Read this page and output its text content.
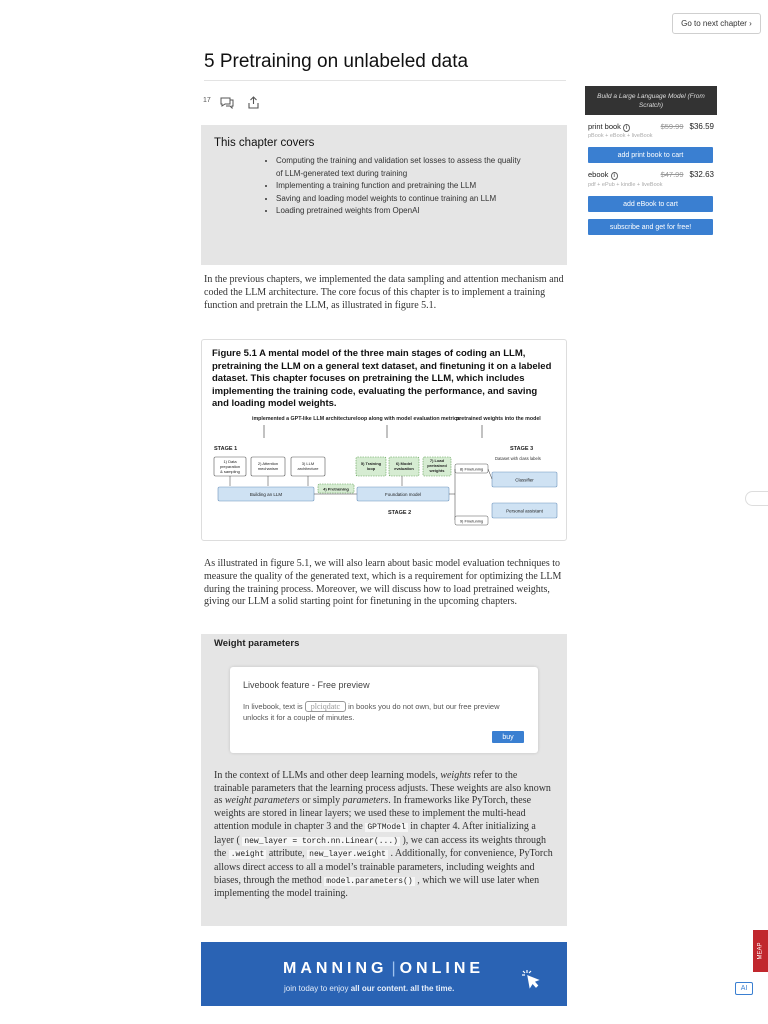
Go to next chapter ›
5 Pretraining on unlabeled data
17
This chapter covers
• Computing the training and validation set losses to assess the quality of LLM-generated text during training
• Implementing a training function and pretraining the LLM
• Saving and loading model weights to continue training an LLM
• Loading pretrained weights from OpenAI

In the previous chapters, we implemented the data sampling and attention mechanism and coded the LLM architecture. The core focus of this chapter is to implement a training function and pretrain the LLM, as illustrated in figure 5.1.

Figure 5.1 A mental model of the three main stages of coding an LLM, pretraining the LLM on a general text dataset, and finetuning it on a labeled dataset. This chapter focuses on pretraining the LLM, which includes implementing the training code, evaluating the performance, and saving and loading model weights.

implemented a GPT-like LLM architecture loop along with model evaluation metrics
pretrained weights into the model
STAGE 1	STAGE 3
Dataset with class labels
1) Data
preparation
& sampling
2) Attention
mechanism
3) LLM
architecture
5) Training
loop
6) Model
evaluation
7) Load
pretrained
weights	8) Finetuning
Classifier
Building an LLM
4) Pretraining
Foundation model
STAGE 2	Personal assistant
9) Finetuning

As illustrated in figure 5.1, we will also learn about basic model evaluation techniques to measure the quality of the generated text, which is a requirement for optimizing the LLM during the training process. Moreover, we will discuss how to load pretrained weights, giving our LLM a solid starting point for finetuning in the upcoming chapters.

Weight parameters
Livebook feature - Free preview
In livebook, text is plciqdatc in books you do not own, but our free preview unlocks it for a couple of minutes.
buy

In the context of LLMs and other deep learning models, weights refer to the trainable parameters that the learning process adjusts. These weights are also known as weight parameters or simply parameters. In frameworks like PyTorch, these weights are stored in linear layers; we used these to implement the multi-head attention module in chapter 3 and the GPTModel in chapter 4. After initializing a layer ( new_layer = torch.nn.Linear(...) ), we can access its weights through the .weight attribute, new_layer.weight . Additionally, for convenience, PyTorch allows direct access to all a model’s trainable parameters, including weights and biases, through the method model.parameters() , which we will use later when implementing the model training.

MANNING | ONLINE
join today to enjoy all our content. all the time.
Build a Large Language Model (From Scratch)
print book i	$59.99 $36.59
pBook + eBook + liveBook
add print book to cart
ebook i	$47.99 $32.63
pdf + ePub + kindle + liveBook
add eBook to cart
subscribe and get for free!
MEAP
AI
